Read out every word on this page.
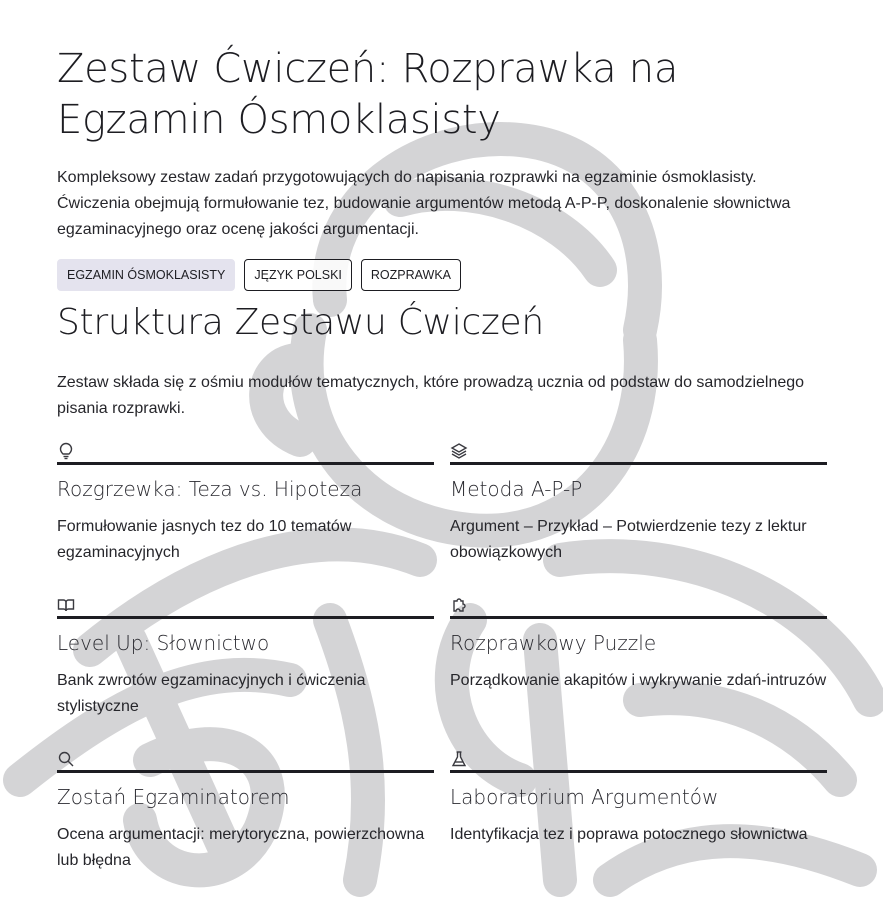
Zestaw Ćwiczeń: Rozprawka na Egzamin Ósmoklasisty

Kompleksowy zestaw zadań przygotowujących do napisania rozprawki na egzaminie ósmoklasisty. Ćwiczenia obejmują formułowanie tez, budowanie argumentów metodą A-P-P, doskonalenie słownictwa egzaminacyjnego oraz ocenę jakości argumentacji.

EGZAMIN ÓSMOKLASISTY	JĘZYK POLSKI	ROZPRAWKA
Struktura Zestawu Ćwiczeń

Zestaw składa się z ośmiu modułów tematycznych, które prowadzą ucznia od podstaw do samodzielnego pisania rozprawki.

Rozgrzewka: Teza vs. Hipoteza

Formułowanie jasnych tez do 10 tematów egzaminacyjnych

Metoda A-P-P

Argument – Przykład – Potwierdzenie tezy z lektur obowiązkowych

Level Up: Słownictwo

Bank zwrotów egzaminacyjnych i ćwiczenia stylistyczne

Rozprawkowy Puzzle

Porządkowanie akapitów i wykrywanie zdań-intruzów

Zostań Egzaminatorem

Ocena argumentacji: merytoryczna, powierzchowna lub błędna

Laboratorium Argumentów

Identyfikacja tez i poprawa potocznego słownictwa
